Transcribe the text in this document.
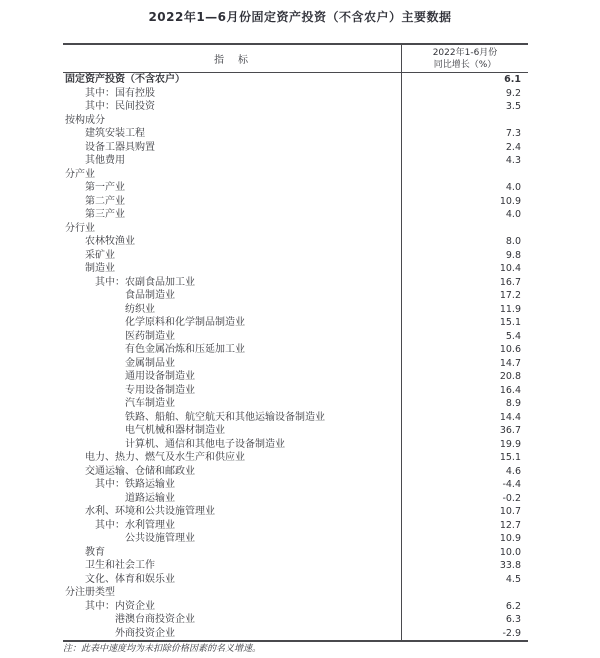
2022年1—6月份固定资产投资（不含农户）主要数据
指　标
2022年1-6月份
同比增长（%）
固定资产投资（不含农户）	6.1
其中：国有控股	9.2
其中：民间投资	3.5
按构成分
建筑安装工程	7.3
设备工器具购置	2.4
其他费用	4.3
分产业
第一产业	4.0
第二产业	10.9
第三产业	4.0
分行业
农林牧渔业	8.0
采矿业	9.8
制造业	10.4
其中：农副食品加工业	16.7
食品制造业	17.2
纺织业	11.9
化学原料和化学制品制造业	15.1
医药制造业	5.4
有色金属冶炼和压延加工业	10.6
金属制品业	14.7
通用设备制造业	20.8
专用设备制造业	16.4
汽车制造业	8.9
铁路、船舶、航空航天和其他运输设备制造业	14.4
电气机械和器材制造业	36.7
计算机、通信和其他电子设备制造业	19.9
电力、热力、燃气及水生产和供应业	15.1
交通运输、仓储和邮政业	4.6
其中：铁路运输业	-4.4
道路运输业	-0.2
水利、环境和公共设施管理业	10.7
其中：水利管理业	12.7
公共设施管理业	10.9
教育	10.0
卫生和社会工作	33.8
文化、体育和娱乐业	4.5
分注册类型
其中：内资企业	6.2
港澳台商投资企业	6.3
外商投资企业	-2.9
注：此表中速度均为未扣除价格因素的名义增速。
